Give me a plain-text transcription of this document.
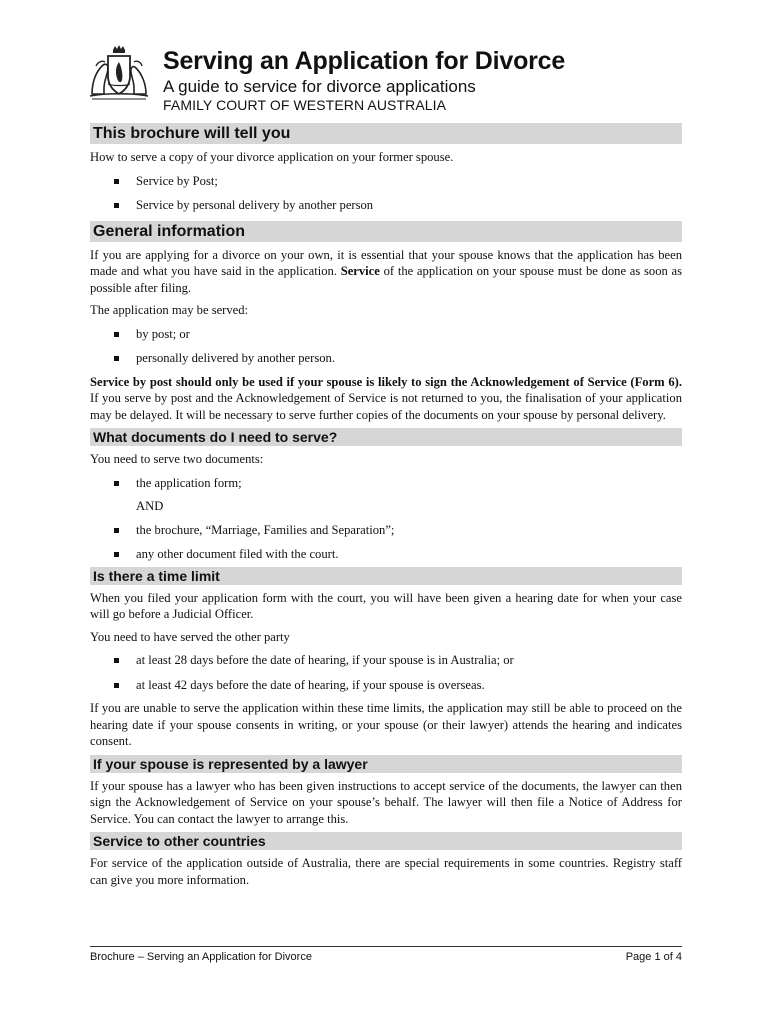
Serving an Application for Divorce
A guide to service for divorce applications
FAMILY COURT OF WESTERN AUSTRALIA
This brochure will tell you

How to serve a copy of your divorce application on your former spouse.

Service by Post;
Service by personal delivery by another person
General information

If you are applying for a divorce on your own, it is essential that your spouse knows that the application has been made and what you have said in the application. Service of the application on your spouse must be done as soon as possible after filing.

The application may be served:

by post; or
personally delivered by another person.

Service by post should only be used if your spouse is likely to sign the Acknowledgement of Service (Form 6). If you serve by post and the Acknowledgement of Service is not returned to you, the finalisation of your application may be delayed. It will be necessary to serve further copies of the documents on your spouse by personal delivery.

What documents do I need to serve?

You need to serve two documents:

the application form;
AND
the brochure, “Marriage, Families and Separation”;
any other document filed with the court.
Is there a time limit

When you filed your application form with the court, you will have been given a hearing date for when your case will go before a Judicial Officer.

You need to have served the other party

at least 28 days before the date of hearing, if your spouse is in Australia; or
at least 42 days before the date of hearing, if your spouse is overseas.

If you are unable to serve the application within these time limits, the application may still be able to proceed on the hearing date if your spouse consents in writing, or your spouse (or their lawyer) attends the hearing and indicates consent.

If your spouse is represented by a lawyer

If your spouse has a lawyer who has been given instructions to accept service of the documents, the lawyer can then sign the Acknowledgement of Service on your spouse’s behalf. The lawyer will then file a Notice of Address for Service. You can contact the lawyer to arrange this.

Service to other countries

For service of the application outside of Australia, there are special requirements in some countries. Registry staff can give you more information.

Brochure – Serving an Application for Divorce	Page 1 of 4
